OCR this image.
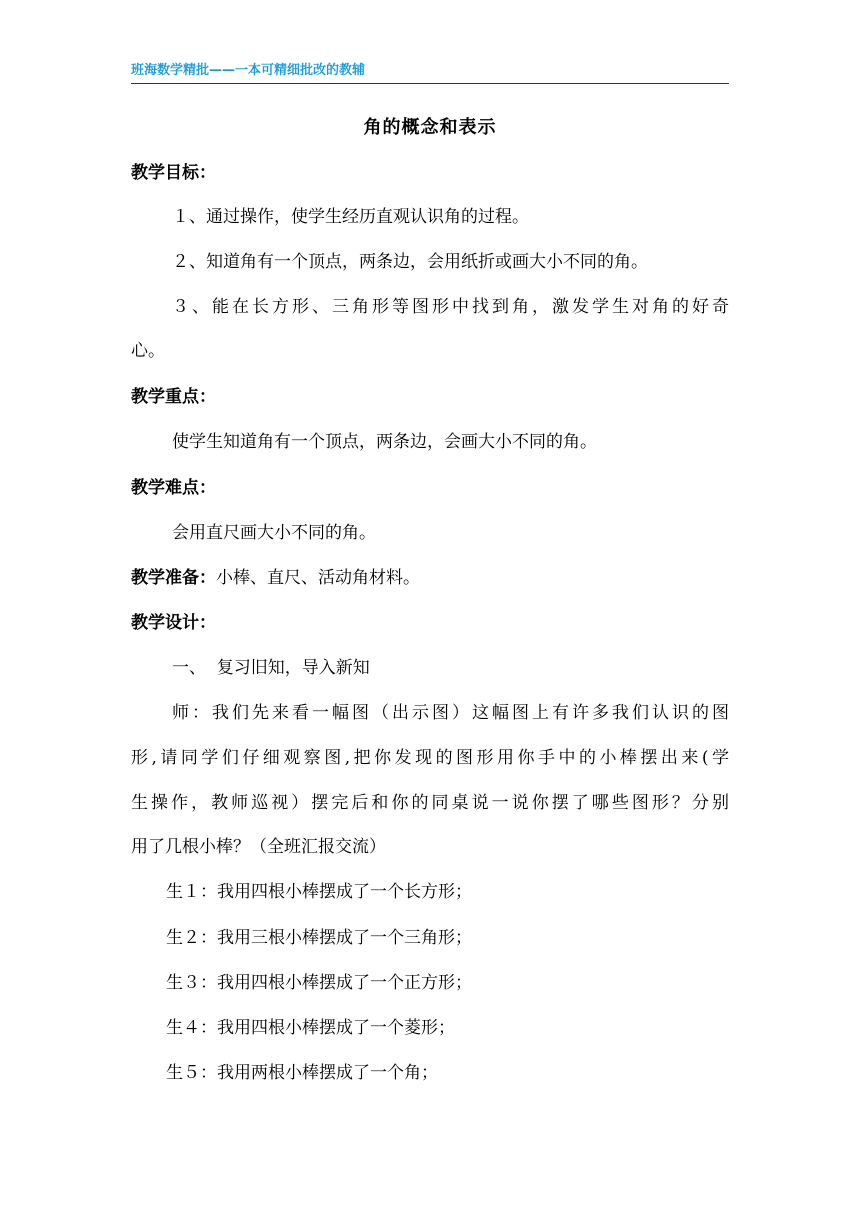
班海数学精批——一本可精细批改的教辅
角的概念和表示
教学目标：
１、通过操作，使学生经历直观认识角的过程。
２、知道角有一个顶点，两条边，会用纸折或画大小不同的角。
３、能在长方形、三角形等图形中找到角，激发学生对角的好奇
心。
教学重点：
使学生知道角有一个顶点，两条边，会画大小不同的角。
教学难点：
会用直尺画大小不同的角。
教学准备：小棒、直尺、活动角材料。
教学设计：
一、  复习旧知，导入新知
师：我们先来看一幅图（出示图）这幅图上有许多我们认识的图
形,请同学们仔细观察图,把你发现的图形用你手中的小棒摆出来(学
生操作，教师巡视）摆完后和你的同桌说一说你摆了哪些图形？分别
用了几根小棒？（全班汇报交流）
生１：我用四根小棒摆成了一个长方形；
生２：我用三根小棒摆成了一个三角形；
生３：我用四根小棒摆成了一个正方形；
生４：我用四根小棒摆成了一个菱形；
生５：我用两根小棒摆成了一个角；
